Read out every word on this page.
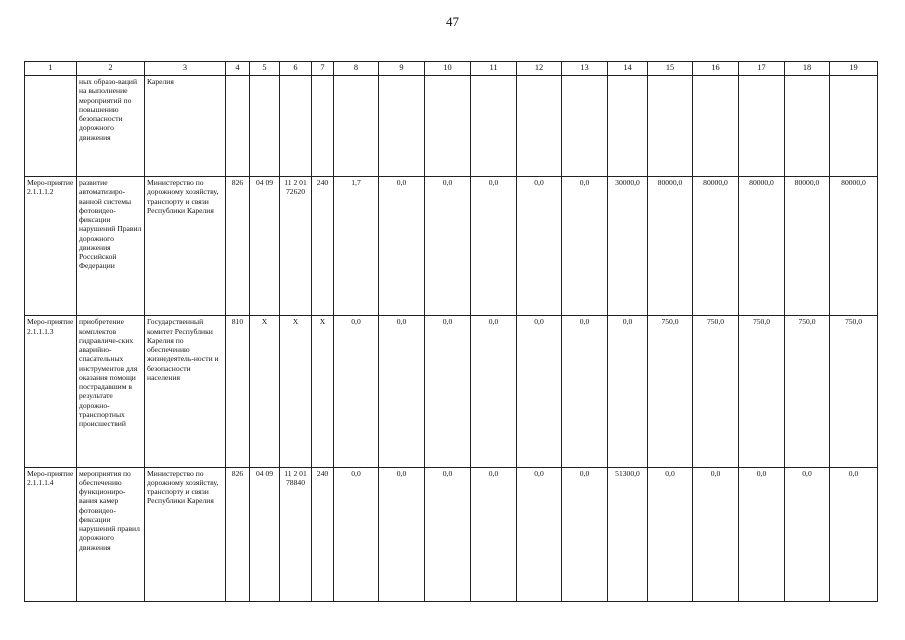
47
1	2	3	4	5	6	7	8	9	10	11	12	13	14	15	16	17	18	19
	ных образо-ваций на выполнение мероприятий по повышению безопасности дорожного движения	Карелия																
Меро-приятие 2.1.1.1.2	развитие автоматизиро-ванной системы фотовидео-фиксации нарушений Правил дорожного движения Российской Федерации	Министерство по дорожному хозяйству, транспорту и связи Республики Карелия	826	04 09	11 2 01 72620	240	1,7	0,0	0,0	0,0	0,0	0,0	30000,0	80000,0	80000,0	80000,0	80000,0	80000,0
Меро-приятие 2.1.1.1.3	приобретение комплектов гидравличе-ских аварийно-спасательных инструментов для оказания помощи пострадавшим в результате дорожно-транспортных происшествий	Государственный комитет Республики Карелия по обеспечению жизнедеятель-ности и безопасности населения	810	X	X	X	0,0	0,0	0,0	0,0	0,0	0,0	0,0	750,0	750,0	750,0	750,0	750,0
Меро-приятие 2.1.1.1.4	мероприятия по обеспечению функциониро-вания камер фотовидео-фиксации нарушений правил дорожного движения	Министерство по дорожному хозяйству, транспорту и связи Республики Карелия	826	04 09	11 2 01 78840	240	0,0	0,0	0,0	0,0	0,0	0,0	51300,0	0,0	0,0	0,0	0,0	0,0
